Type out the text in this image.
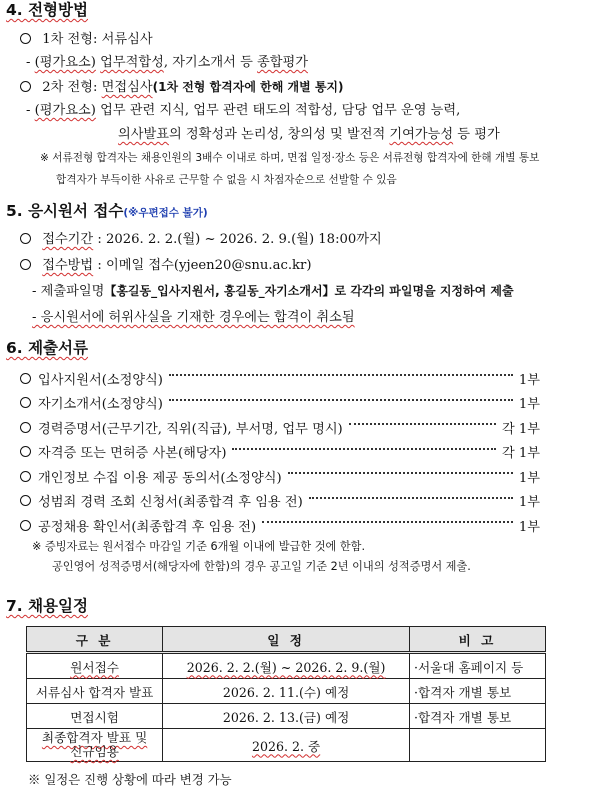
4. 전형방법
1차 전형: 서류심사
- (평가요소) 업무적합성, 자기소개서 등 종합평가
2차 전형: 면접심사(1차 전형 합격자에 한해 개별 통지)
- (평가요소) 업무 관련 지식, 업무 관련 태도의 적합성, 담당 업무 운영 능력,
의사발표의 정확성과 논리성, 창의성 및 발전적 기여가능성 등 평가
※ 서류전형 합격자는 채용인원의 3배수 이내로 하며, 면접 일정·장소 등은 서류전형 합격자에 한해 개별 통보
합격자가 부득이한 사유로 근무할 수 없을 시 차점자순으로 선발할 수 있음
5. 응시원서 접수(※우편접수 불가)
접수기간 : 2026. 2. 2.(월) ~ 2026. 2. 9.(월) 18:00까지
접수방법 : 이메일 접수(yjeen20@snu.ac.kr)
- 제출파일명【홍길동_입사지원서, 홍길동_자기소개서】로 각각의 파일명을 지정하여 제출
- 응시원서에 허위사실을 기재한 경우에는 합격이 취소됨
6. 제출서류
입사지원서(소정양식)	1부
자기소개서(소정양식)	1부
경력증명서(근무기간, 직위(직급), 부서명, 업무 명시)	각 1부
자격증 또는 면허증 사본(해당자)	각 1부
개인정보 수집 이용 제공 동의서(소정양식)	1부
성범죄 경력 조회 신청서(최종합격 후 임용 전)	1부
공정채용 확인서(최종합격 후 임용 전)	1부
※ 증빙자료는 원서접수 마감일 기준 6개월 이내에 발급한 것에 한함.
공인영어 성적증명서(해당자에 한함)의 경우 공고일 기준 2년 이내의 성적증명서 제출.
7. 채용일정
구 분	일 정	비 고
원서접수	2026. 2. 2.(월) ~ 2026. 2. 9.(월)	·서울대 홈페이지 등
서류심사 합격자 발표	2026. 2. 11.(수) 예정	·합격자 개별 통보
면접시험	2026. 2. 13.(금) 예정	·합격자 개별 통보
최종합격자 발표 및 신규임용	2026. 2. 중	
※ 일정은 진행 상황에 따라 변경 가능
